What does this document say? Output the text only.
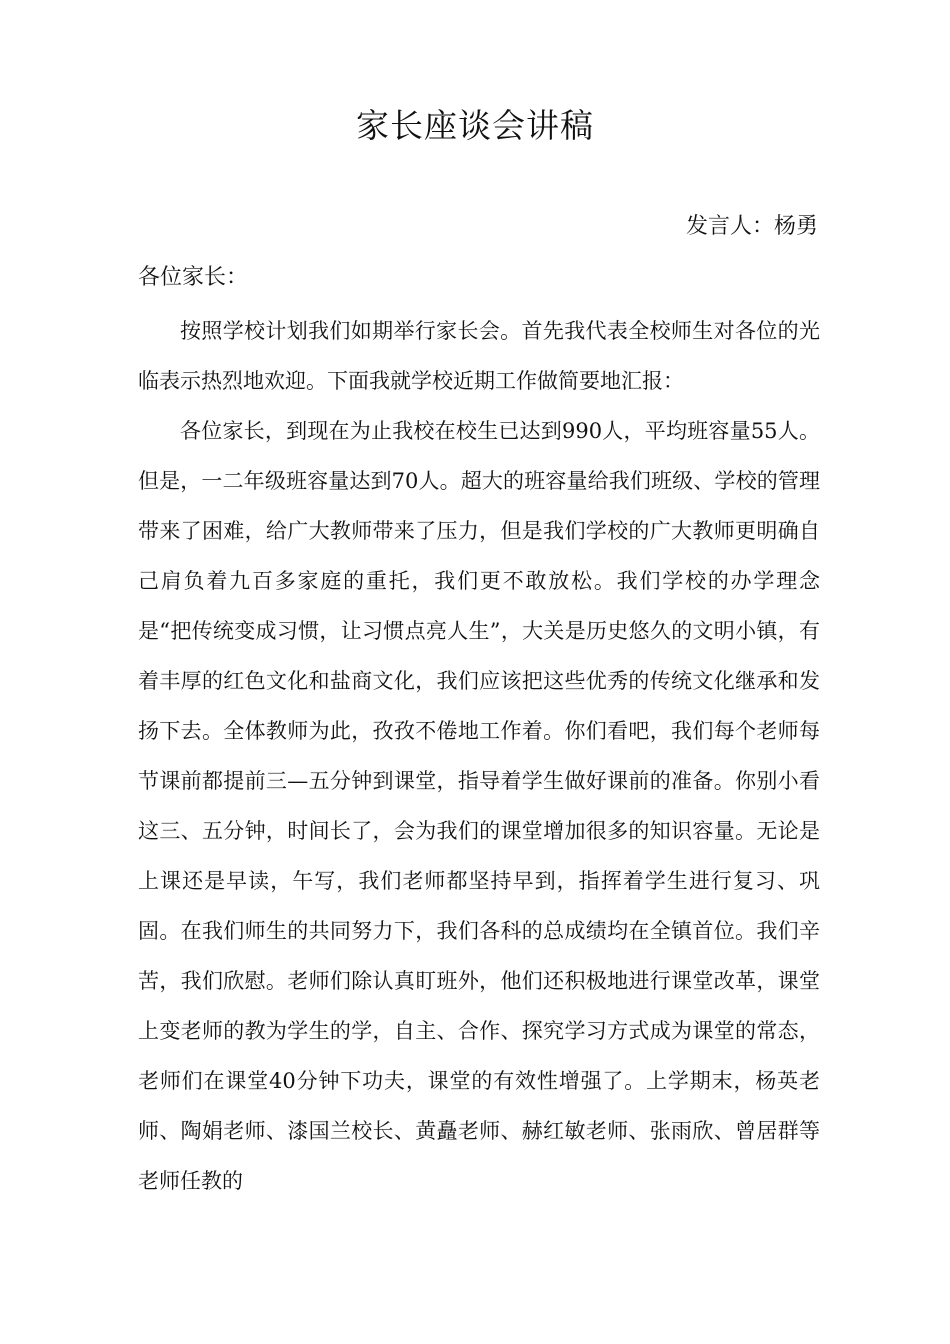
家长座谈会讲稿

发言人：杨勇

各位家长：

按照学校计划我们如期举行家长会。首先我代表全校师生对各位的光临表示热烈地欢迎。下面我就学校近期工作做简要地汇报：

各位家长，到现在为止我校在校生已达到990人，平均班容量55人。但是，一二年级班容量达到70人。超大的班容量给我们班级、学校的管理带来了困难，给广大教师带来了压力，但是我们学校的广大教师更明确自己肩负着九百多家庭的重托，我们更不敢放松。我们学校的办学理念是“把传统变成习惯，让习惯点亮人生”，大关是历史悠久的文明小镇，有着丰厚的红色文化和盐商文化，我们应该把这些优秀的传统文化继承和发扬下去。全体教师为此，孜孜不倦地工作着。你们看吧，我们每个老师每节课前都提前三—五分钟到课堂，指导着学生做好课前的准备。你别小看这三、五分钟，时间长了，会为我们的课堂增加很多的知识容量。无论是上课还是早读，午写，我们老师都坚持早到，指挥着学生进行复习、巩固。在我们师生的共同努力下，我们各科的总成绩均在全镇首位。我们辛苦，我们欣慰。老师们除认真盯班外，他们还积极地进行课堂改革，课堂上变老师的教为学生的学，自主、合作、探究学习方式成为课堂的常态，老师们在课堂40分钟下功夫，课堂的有效性增强了。上学期末，杨英老师、陶娟老师、漆国兰校长、黄矗老师、赫红敏老师、张雨欣、曾居群等老师任教的
